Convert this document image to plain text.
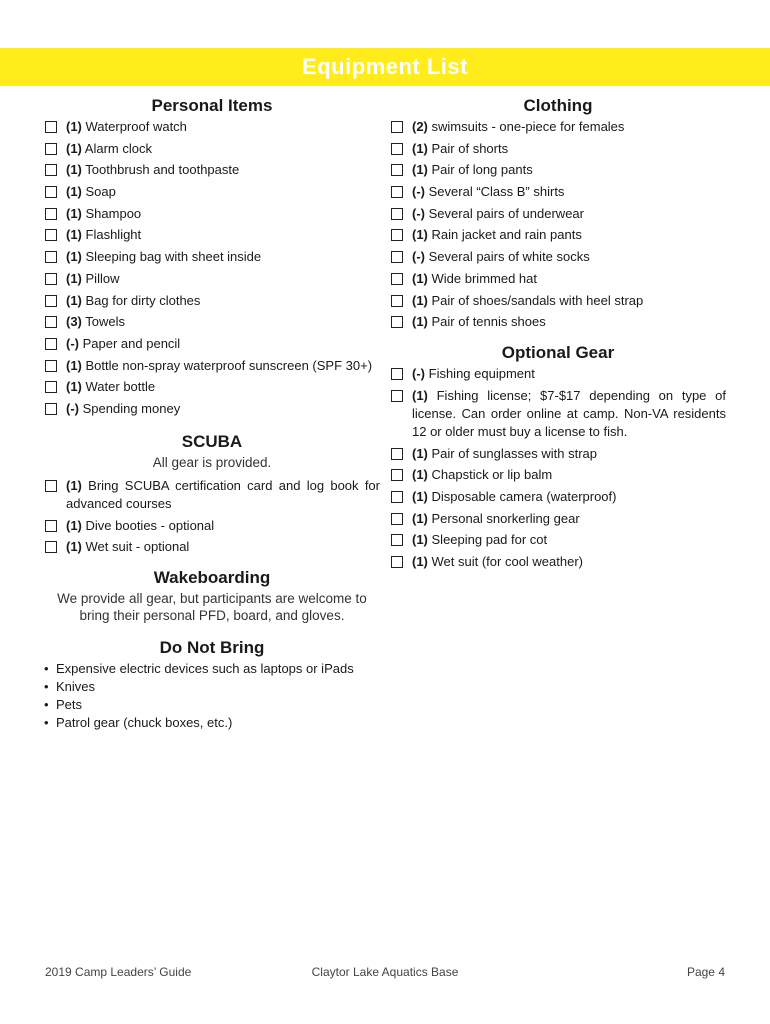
Equipment List
Personal Items
(1) Waterproof watch
(1) Alarm clock
(1) Toothbrush and toothpaste
(1) Soap
(1) Shampoo
(1) Flashlight
(1) Sleeping bag with sheet inside
(1) Pillow
(1) Bag for dirty clothes
(3) Towels
(-) Paper and pencil
(1) Bottle non-spray waterproof sunscreen (SPF 30+)
(1) Water bottle
(-) Spending money
SCUBA

All gear is provided.

(1) Bring SCUBA certification card and log book for advanced courses
(1) Dive booties - optional
(1) Wet suit - optional
Wakeboarding

We provide all gear, but participants are welcome to bring their personal PFD, board, and gloves.

Do Not Bring
• Expensive electric devices such as laptops or iPads
• Knives
• Pets
• Patrol gear (chuck boxes, etc.)
Clothing
(2) swimsuits - one-piece for females
(1) Pair of shorts
(1) Pair of long pants
(-) Several “Class B” shirts
(-) Several pairs of underwear
(1) Rain jacket and rain pants
(-) Several pairs of white socks
(1) Wide brimmed hat
(1) Pair of shoes/sandals with heel strap
(1) Pair of tennis shoes
Optional Gear
(-) Fishing equipment
(1) Fishing license; $7-$17 depending on type of license. Can order online at camp. Non-VA residents 12 or older must buy a license to fish.
(1) Pair of sunglasses with strap
(1) Chapstick or lip balm
(1) Disposable camera (waterproof)
(1) Personal snorkerling gear
(1) Sleeping pad for cot
(1) Wet suit (for cool weather)
2019 Camp Leaders’ Guide	Claytor Lake Aquatics Base	Page 4
